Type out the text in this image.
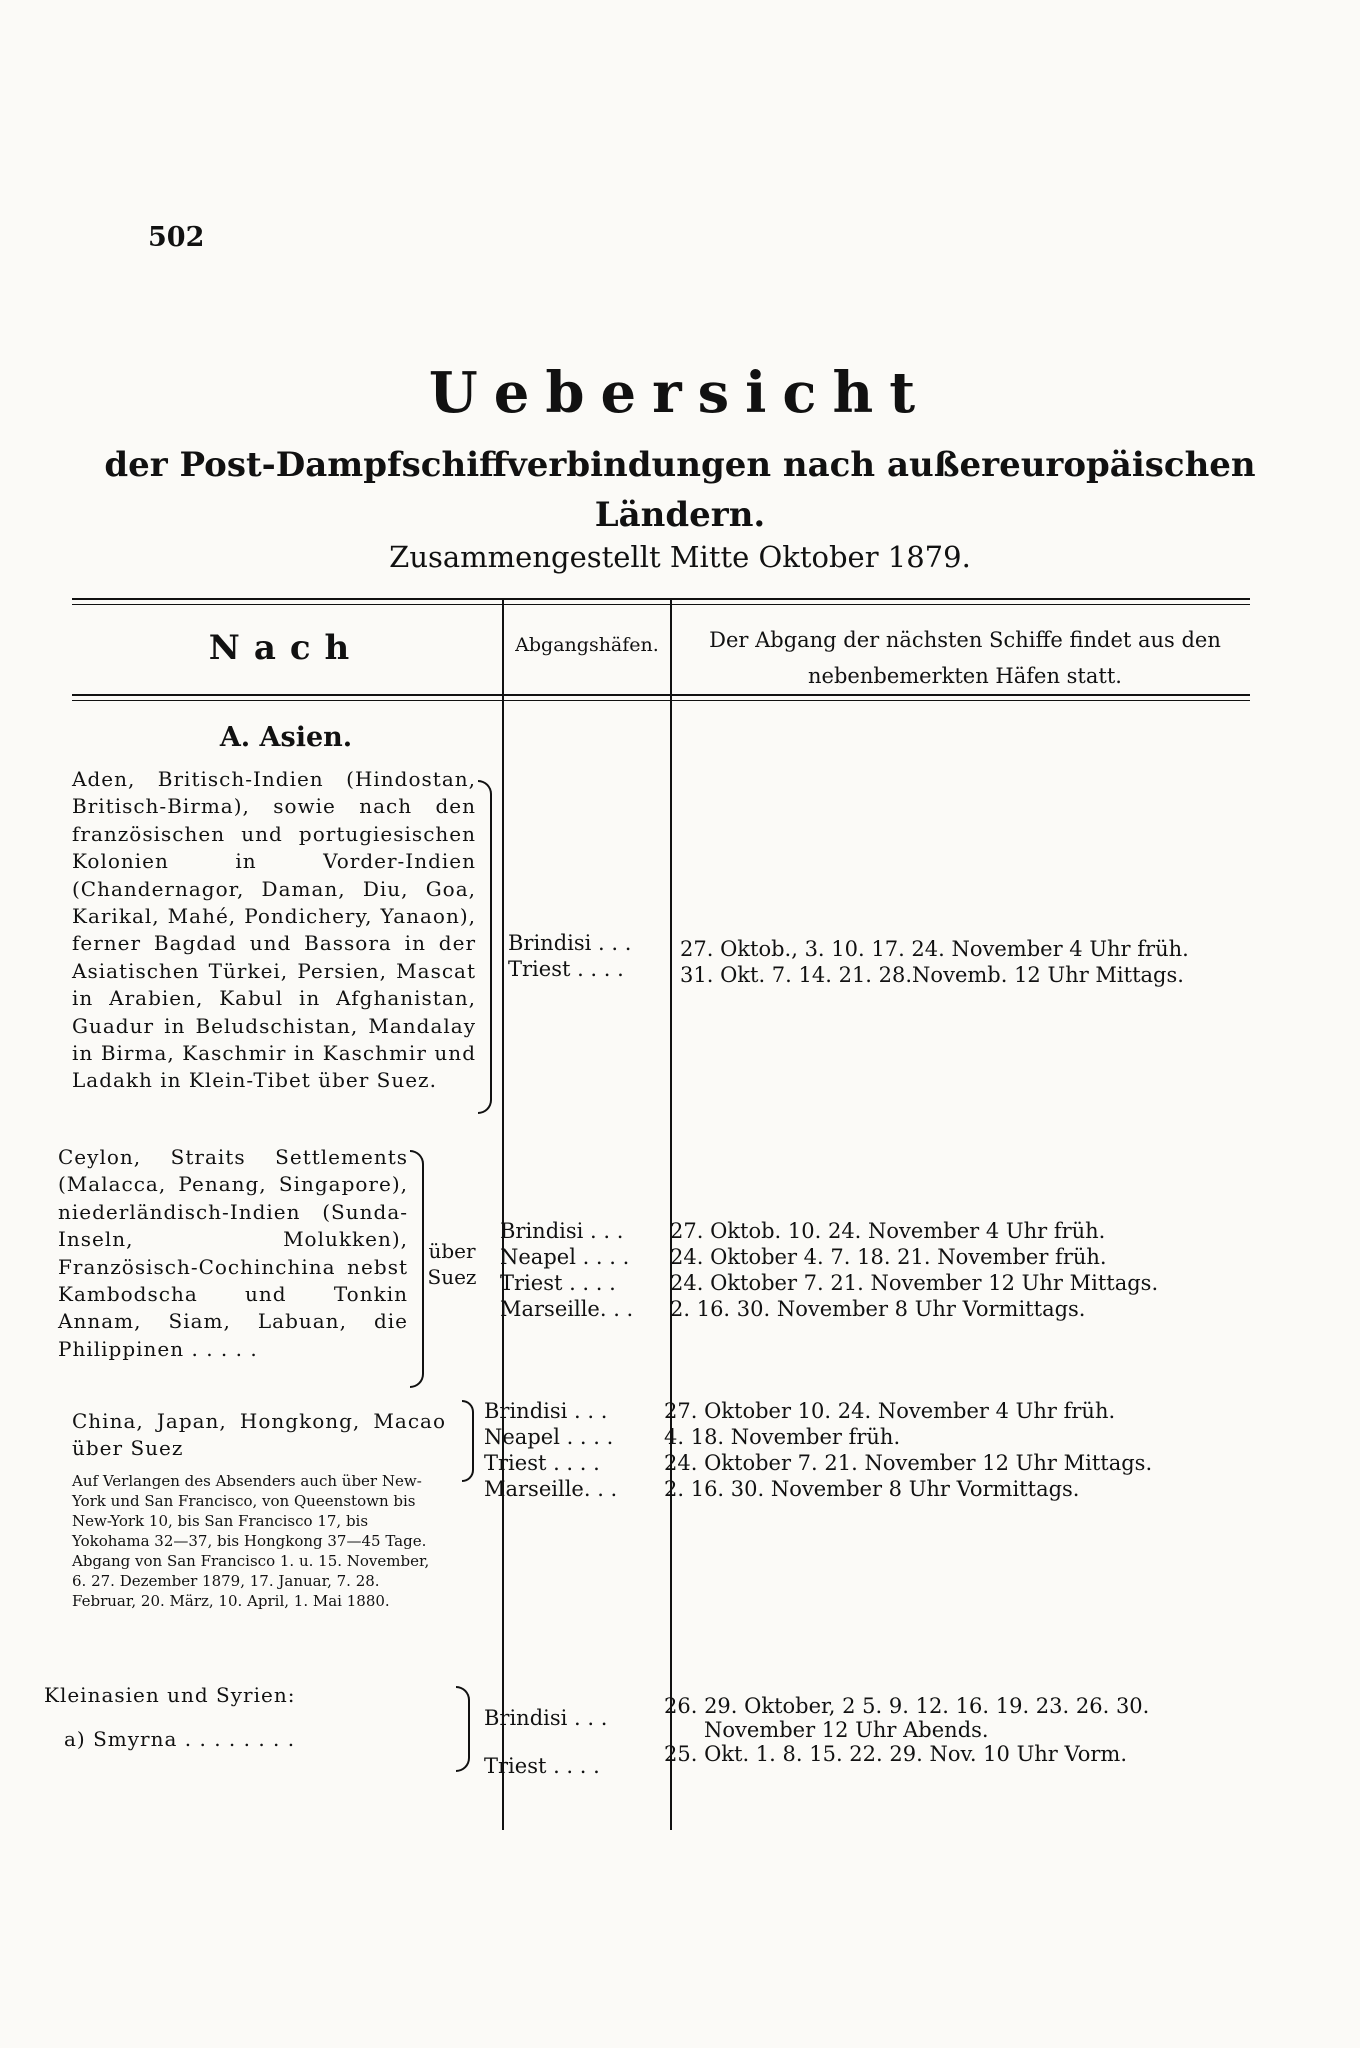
502
Uebersicht
der Post-Dampfschiffverbindungen nach außereuropäischen Ländern.
Zusammengestellt Mitte Oktober 1879.
Nach	Abgangshäfen.	Der Abgang der nächsten Schiffe findet aus den nebenbemerkten Häfen statt.
A. Asien.
Aden, Britisch-Indien (Hindostan, Britisch-Birma), sowie nach den französischen und portugiesischen Kolonien in Vorder-Indien (Chandernagor, Daman, Diu, Goa, Karikal, Mahé, Pondichery, Yanaon), ferner Bagdad und Bassora in der Asiatischen Türkei, Persien, Mascat in Arabien, Kabul in Afghanistan, Guadur in Beludschistan, Mandalay in Birma, Kaschmir in Kaschmir und Ladakh in Klein-Tibet über Suez.
Brindisi . . .
Triest . . . .
27. Oktob., 3. 10. 17. 24. November 4 Uhr früh.
31. Okt. 7. 14. 21. 28.Novemb. 12 Uhr Mittags.
Ceylon, Straits Settlements (Malacca, Penang, Singapore), niederländisch-Indien (Sunda-Inseln, Molukken), Französisch-Cochinchina nebst Kambodscha und Tonkin Annam, Siam, Labuan, die Philippinen . . . . .
über Suez
Brindisi . . .
Neapel . . . .
Triest . . . .
Marseille. . .
27. Oktob. 10. 24. November 4 Uhr früh.
24. Oktober 4. 7. 18. 21. November früh.
24. Oktober 7. 21. November 12 Uhr Mittags.
2. 16. 30. November 8 Uhr Vormittags.
China, Japan, Hongkong, Macao über Suez
Auf Verlangen des Absenders auch über New-York und San Francisco, von Queenstown bis New-York 10, bis San Francisco 17, bis Yokohama 32—37, bis Hongkong 37—45 Tage. Abgang von San Francisco 1. u. 15. November, 6. 27. Dezember 1879, 17. Januar, 7. 28. Februar, 20. März, 10. April, 1. Mai 1880.
Brindisi . . .
Neapel . . . .
Triest . . . .
Marseille. . .
27. Oktober 10. 24. November 4 Uhr früh.
4. 18. November früh.
24. Oktober 7. 21. November 12 Uhr Mittags.
2. 16. 30. November 8 Uhr Vormittags.
Kleinasien und Syrien:
a) Smyrna . . . . . . . .
Brindisi . . .
Triest . . . .
26. 29. Oktober, 2 5. 9. 12. 16. 19. 23. 26. 30.
November 12 Uhr Abends.
25. Okt. 1. 8. 15. 22. 29. Nov. 10 Uhr Vorm.
